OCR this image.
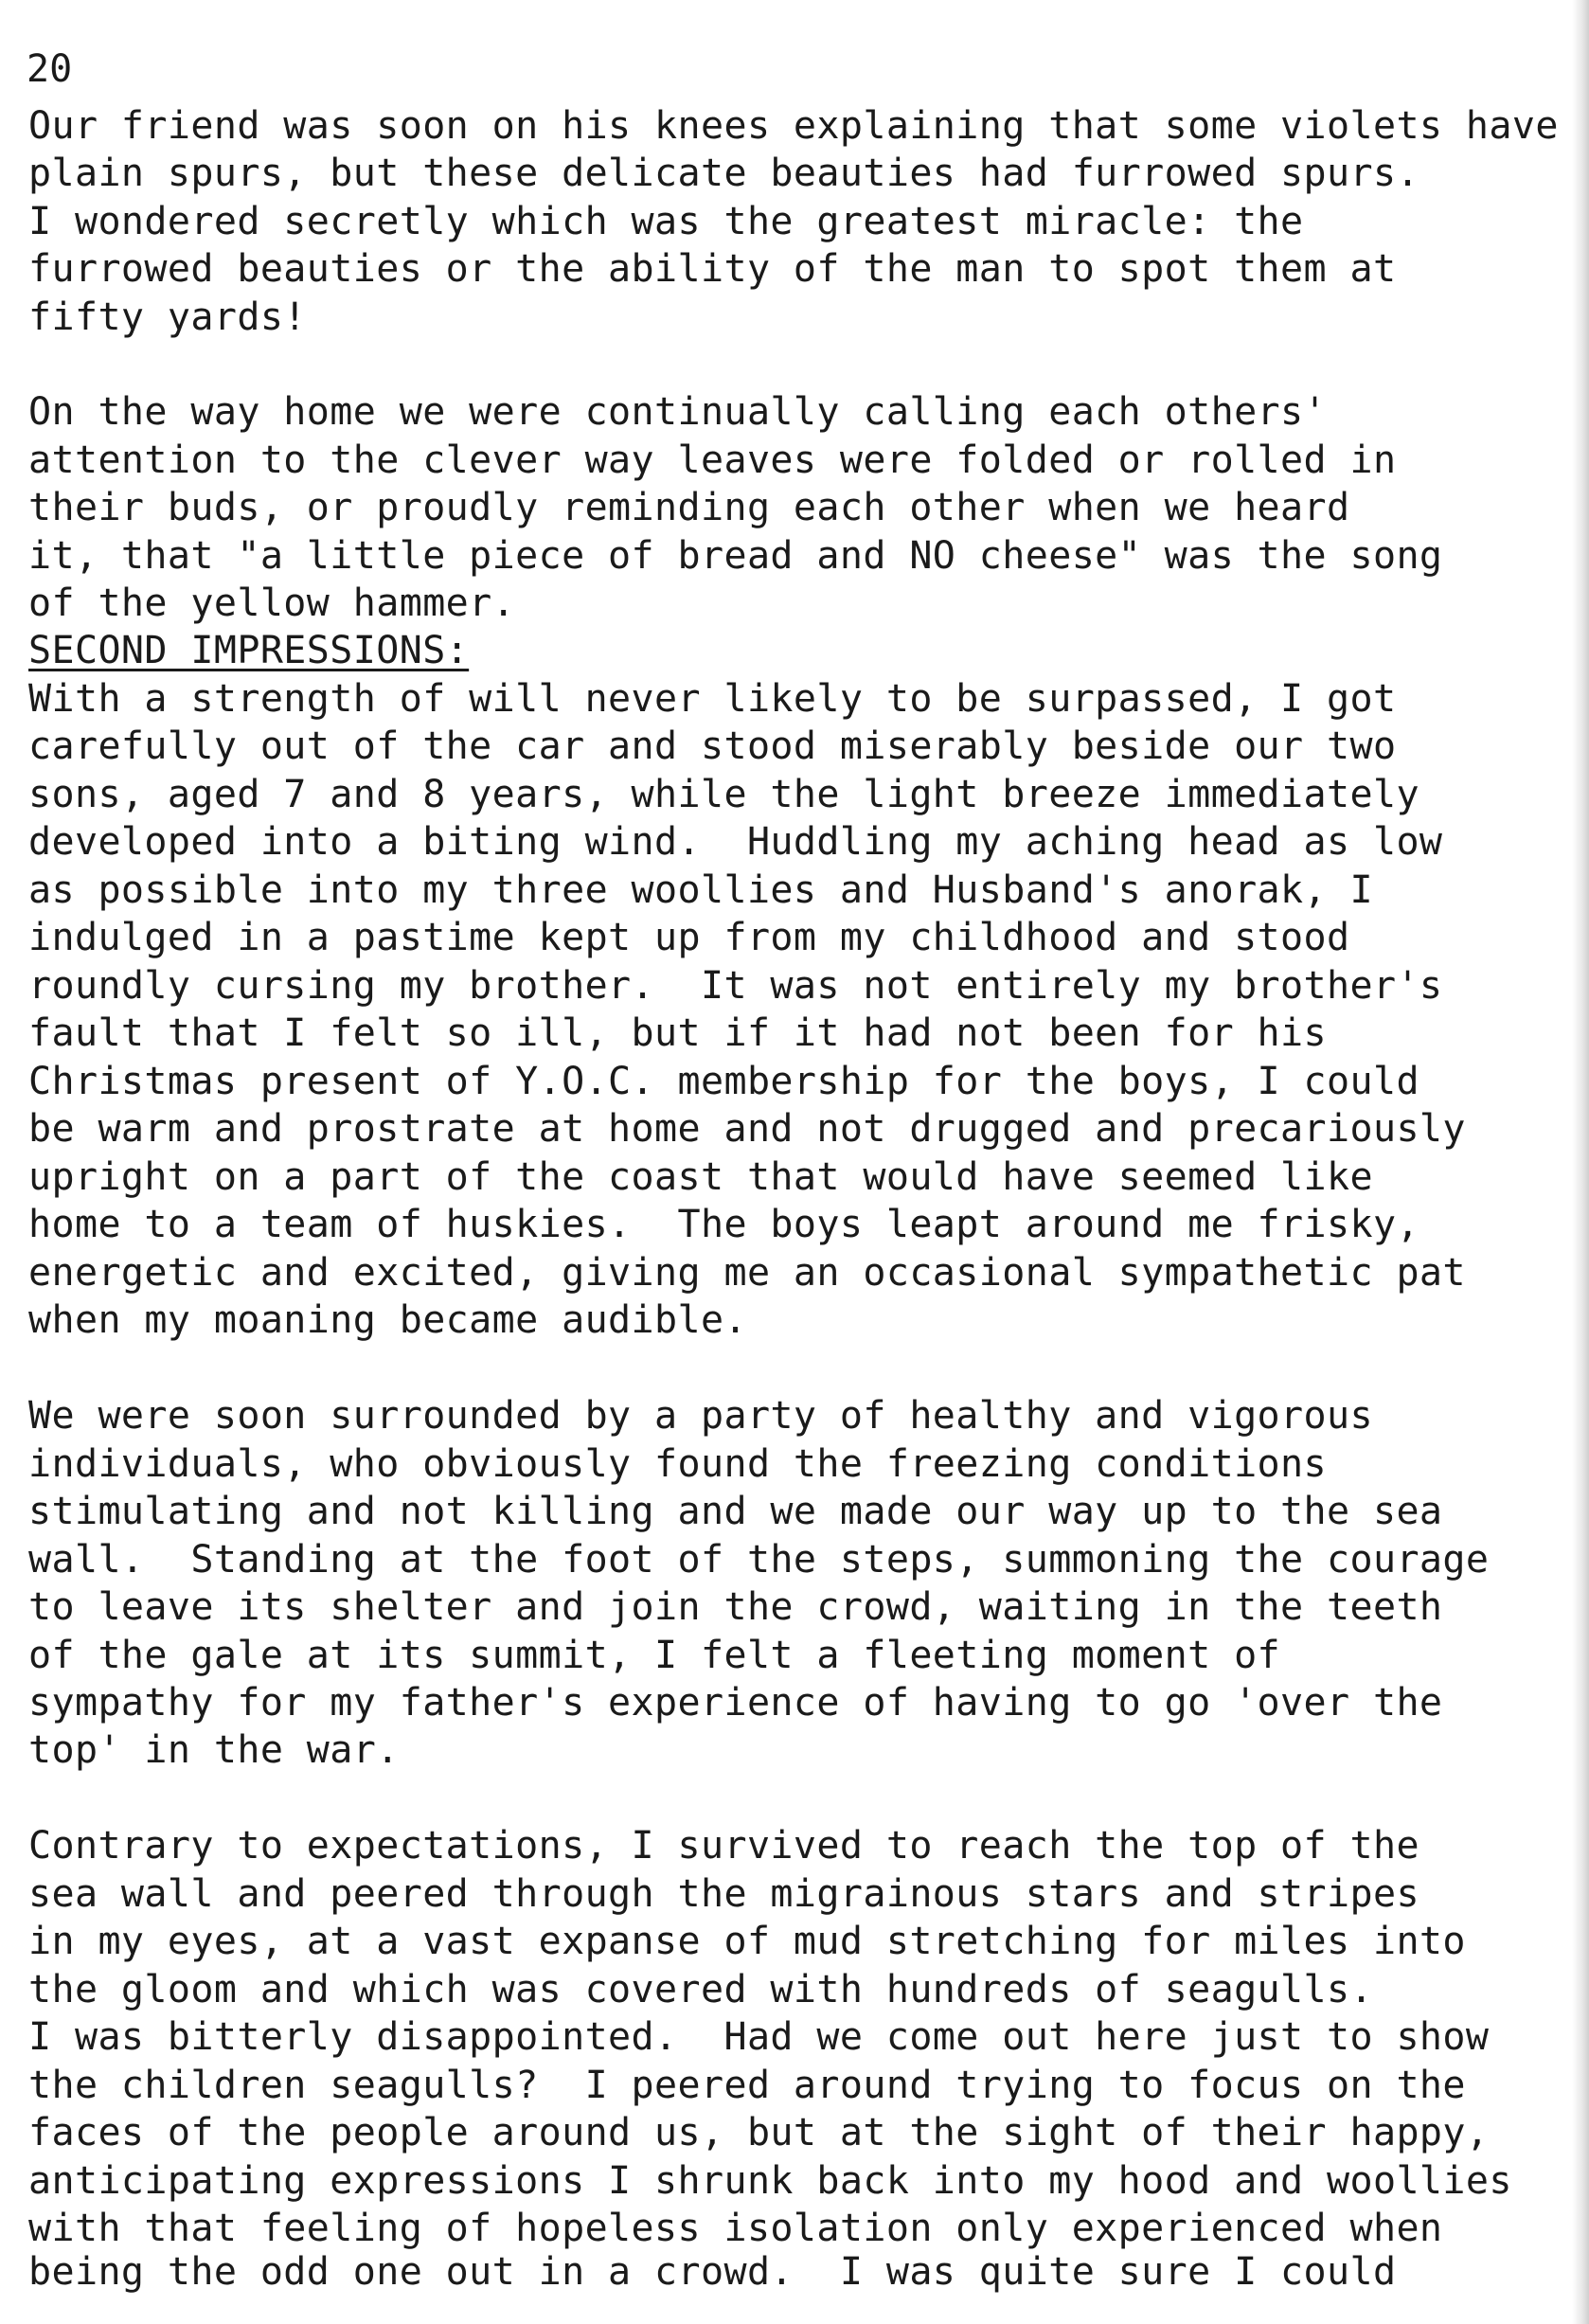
20
Our friend was soon on his knees explaining that some violets have
plain spurs, but these delicate beauties had furrowed spurs.
I wondered secretly which was the greatest miracle: the
furrowed beauties or the ability of the man to spot them at
fifty yards!
On the way home we were continually calling each others'
attention to the clever way leaves were folded or rolled in
their buds, or proudly reminding each other when we heard
it, that "a little piece of bread and NO cheese" was the song
of the yellow hammer.
SECOND IMPRESSIONS:
With a strength of will never likely to be surpassed, I got
carefully out of the car and stood miserably beside our two
sons, aged 7 and 8 years, while the light breeze immediately
developed into a biting wind.  Huddling my aching head as low
as possible into my three woollies and Husband's anorak, I
indulged in a pastime kept up from my childhood and stood
roundly cursing my brother.  It was not entirely my brother's
fault that I felt so ill, but if it had not been for his
Christmas present of Y.O.C. membership for the boys, I could
be warm and prostrate at home and not drugged and precariously
upright on a part of the coast that would have seemed like
home to a team of huskies.  The boys leapt around me frisky,
energetic and excited, giving me an occasional sympathetic pat
when my moaning became audible.
We were soon surrounded by a party of healthy and vigorous
individuals, who obviously found the freezing conditions
stimulating and not killing and we made our way up to the sea
wall.  Standing at the foot of the steps, summoning the courage
to leave its shelter and join the crowd, waiting in the teeth
of the gale at its summit, I felt a fleeting moment of
sympathy for my father's experience of having to go 'over the
top' in the war.
Contrary to expectations, I survived to reach the top of the
sea wall and peered through the migrainous stars and stripes
in my eyes, at a vast expanse of mud stretching for miles into
the gloom and which was covered with hundreds of seagulls.
I was bitterly disappointed.  Had we come out here just to show
the children seagulls?  I peered around trying to focus on the
faces of the people around us, but at the sight of their happy,
anticipating expressions I shrunk back into my hood and woollies
with that feeling of hopeless isolation only experienced when
being the odd one out in a crowd.  I was quite sure I could
